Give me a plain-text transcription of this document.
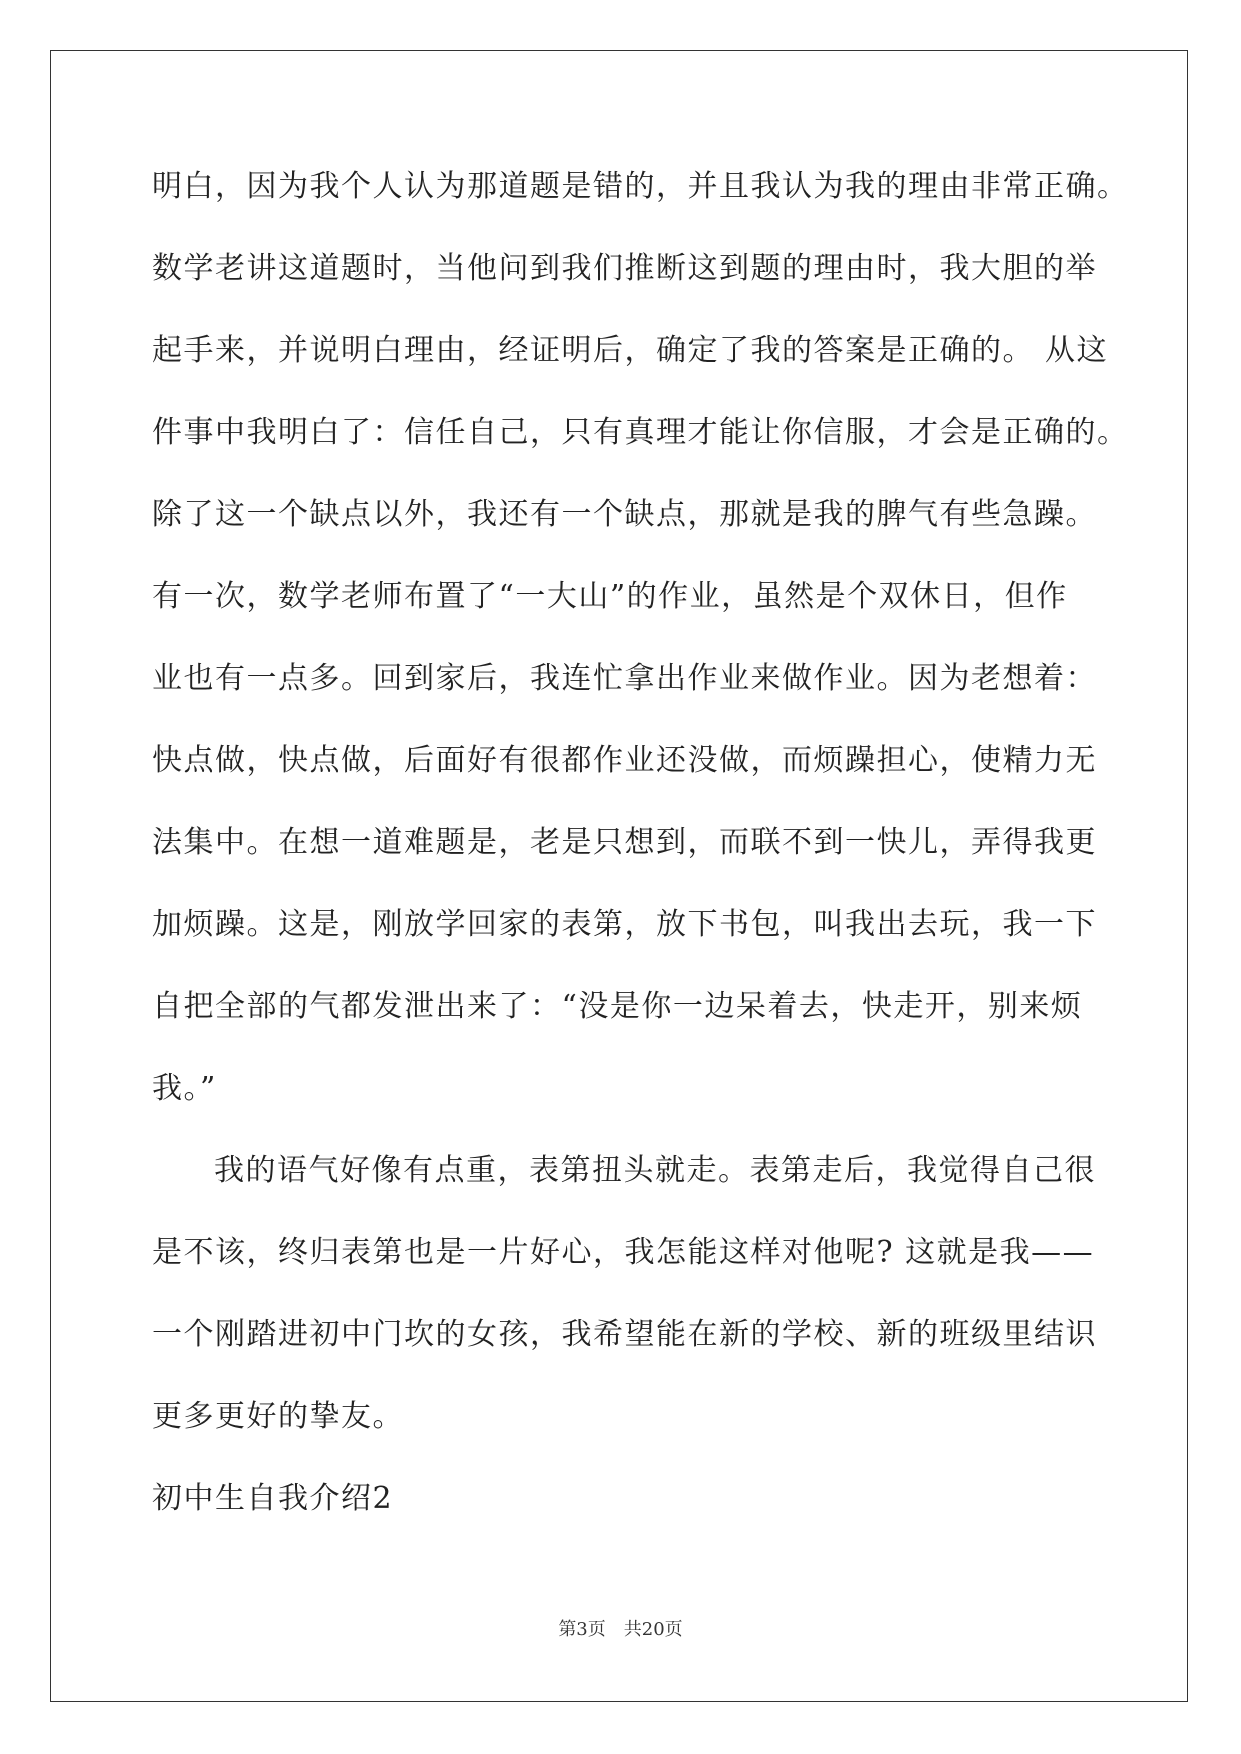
明白，因为我个人认为那道题是错的，并且我认为我的理由非常正确。
数学老讲这道题时，当他问到我们推断这到题的理由时，我大胆的举
起手来，并说明白理由，经证明后，确定了我的答案是正确的。 从这
件事中我明白了：信任自己，只有真理才能让你信服，才会是正确的。
除了这一个缺点以外，我还有一个缺点，那就是我的脾气有些急躁。
有一次，数学老师布置了“一大山”的作业，虽然是个双休日，但作
业也有一点多。回到家后，我连忙拿出作业来做作业。因为老想着：
快点做，快点做，后面好有很都作业还没做，而烦躁担心，使精力无
法集中。在想一道难题是，老是只想到，而联不到一快儿，弄得我更
加烦躁。这是，刚放学回家的表第，放下书包，叫我出去玩，我一下
自把全部的气都发泄出来了：“没是你一边呆着去，快走开，别来烦
我。”
我的语气好像有点重，表第扭头就走。表第走后，我觉得自己很
是不该，终归表第也是一片好心，我怎能这样对他呢? 这就是我——
一个刚踏进初中门坎的女孩，我希望能在新的学校、新的班级里结识
更多更好的挚友。
初中生自我介绍2
第3页　共20页
